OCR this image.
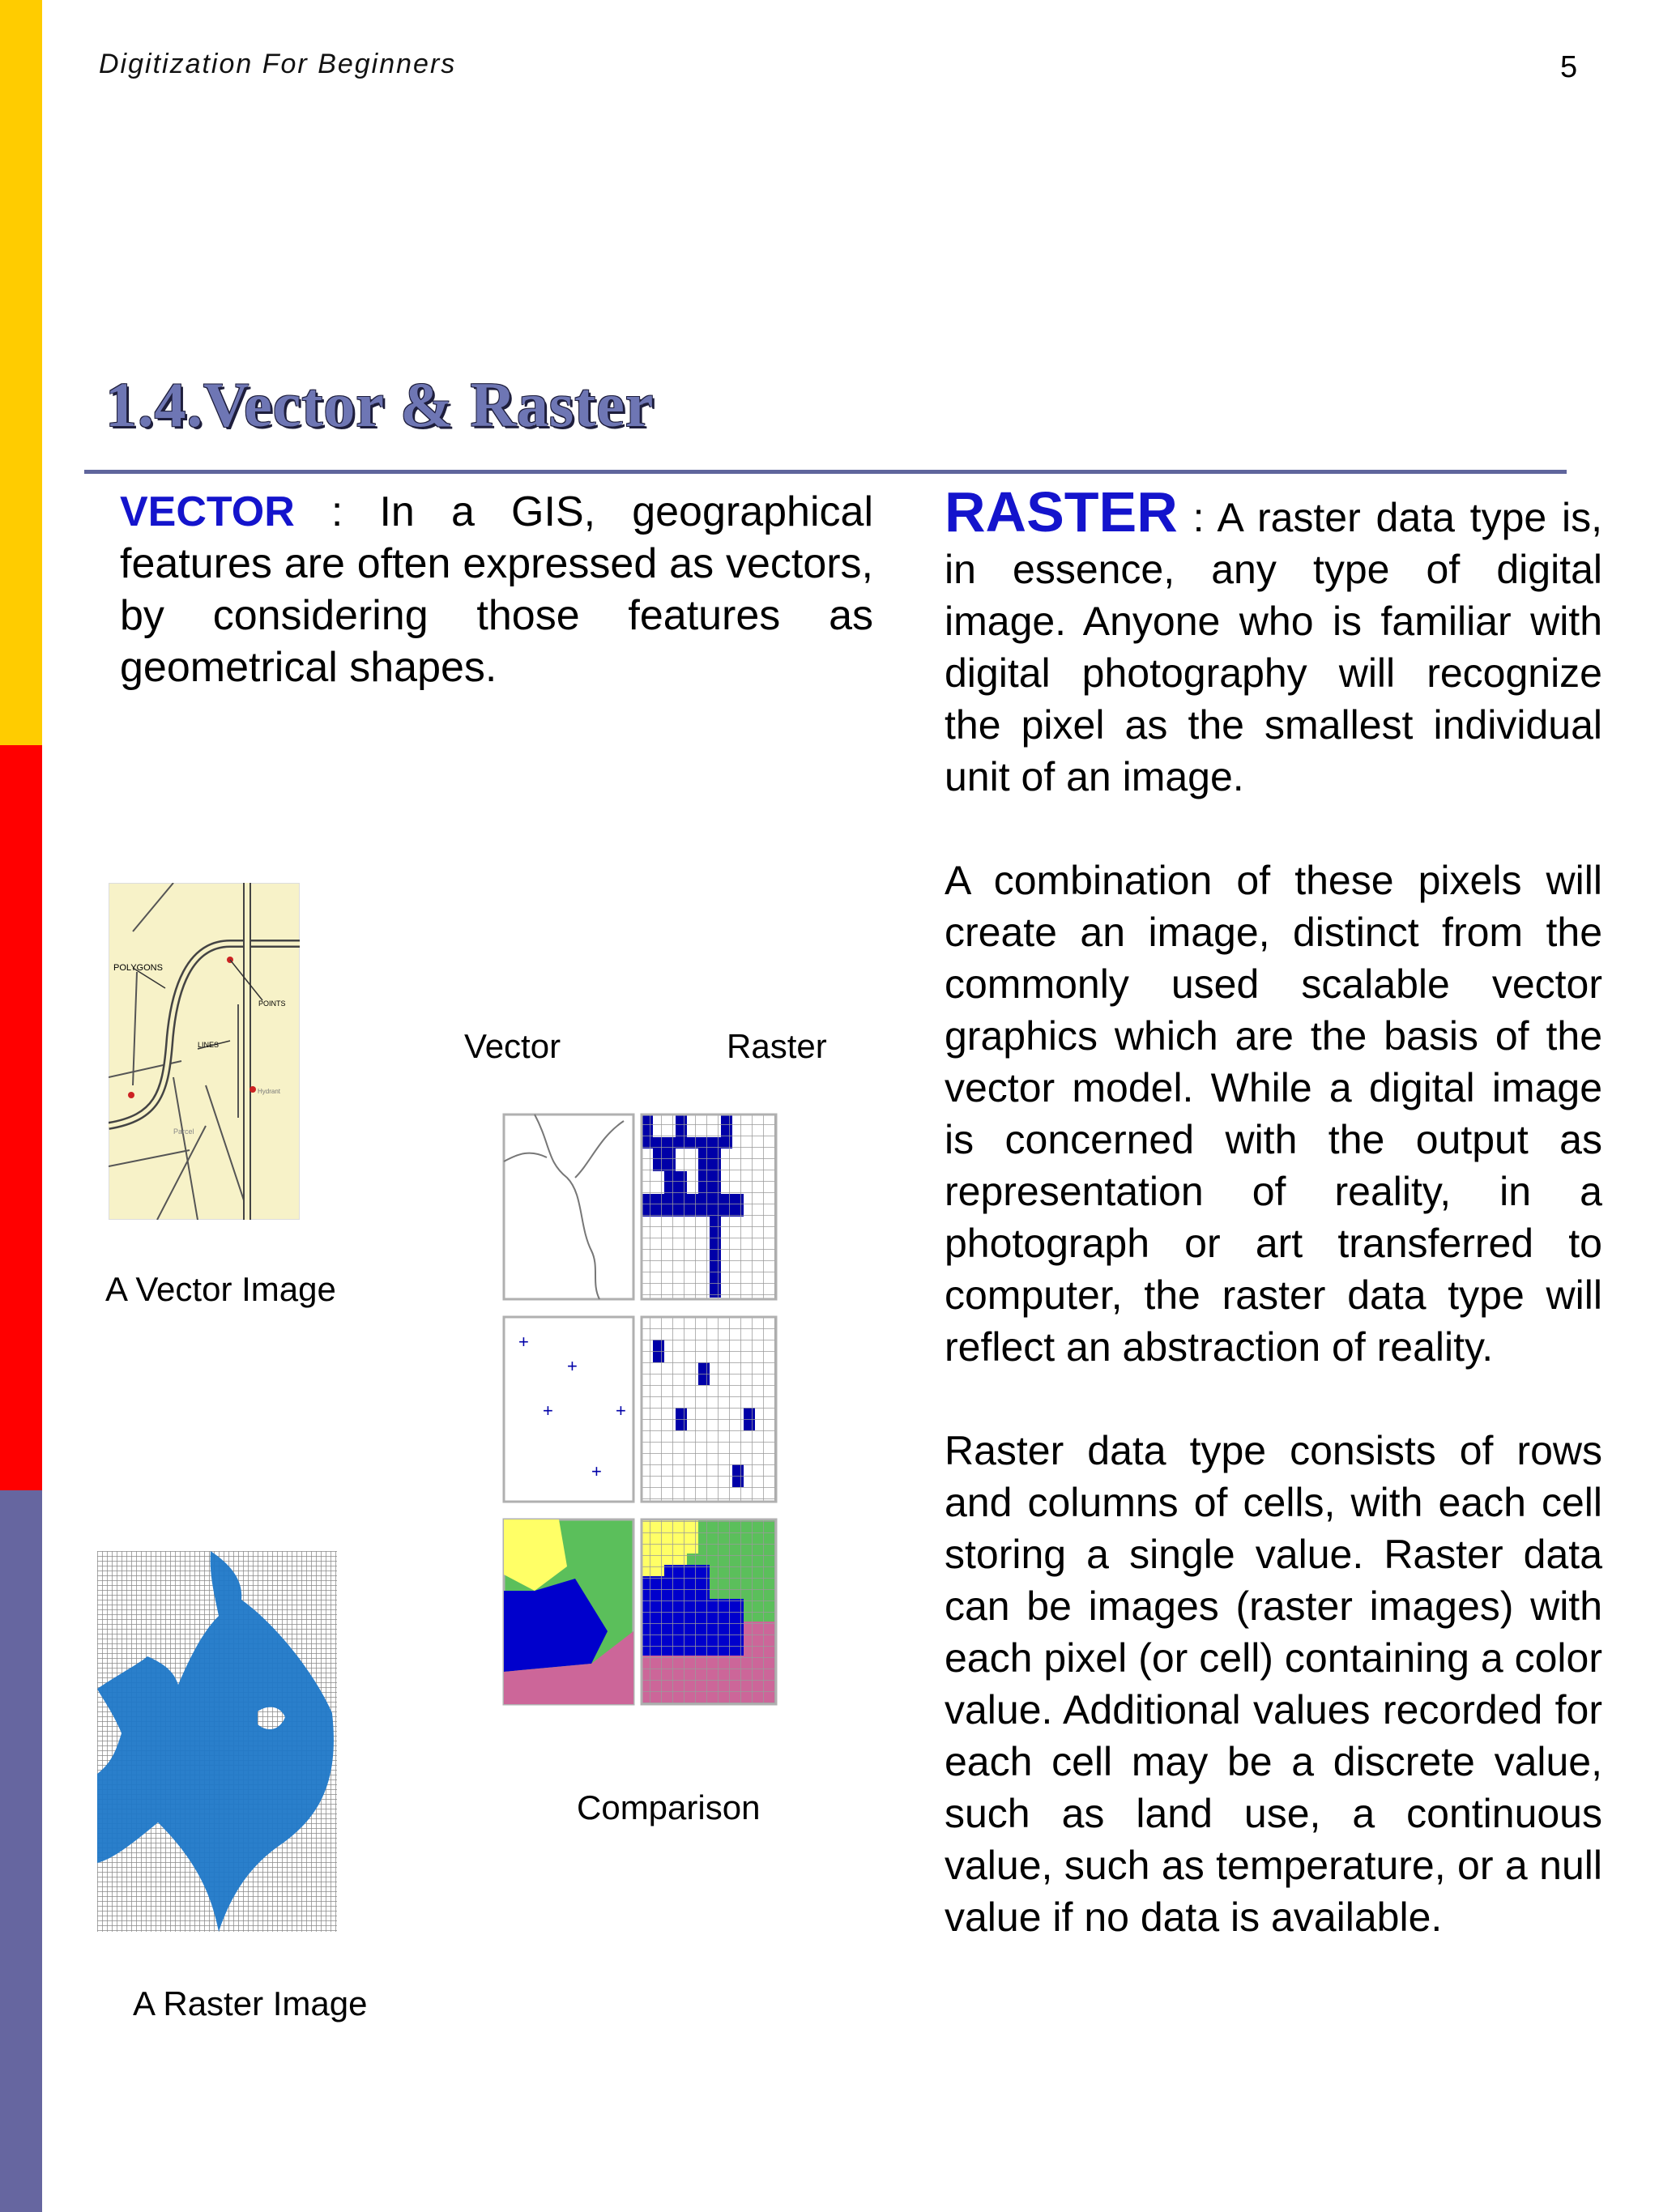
Digitization For Beginners	5
1.4.Vector & Raster
VECTOR : In a GIS, geographical features are often expressed as vectors, by considering those features as geometrical shapes.

RASTER : A raster data type is, in essence, any type of digital image. Anyone who is familiar with digital photography will recognize the pixel as the smallest individual unit of an image.

A combination of these pixels will create an image, distinct from the commonly used scalable vector graphics which are the basis of the vector model. While a digital image is concerned with the output as representation of reality, in a photograph or art transferred to computer, the raster data type will reflect an abstraction of reality.

Raster data type consists of rows and columns of cells, with each cell storing a single value. Raster data can be images (raster images) with each pixel (or cell) containing a color value. Additional values recorded for each cell may be a discrete value, such as land use, a continuous value, such as temperature, or a null value if no data is available.

POLYGONS
POINTS
LINES
Hydrant
Parcel
A Vector Image
A Raster Image
Vector	Raster
+
+
+	+
+
Comparison
